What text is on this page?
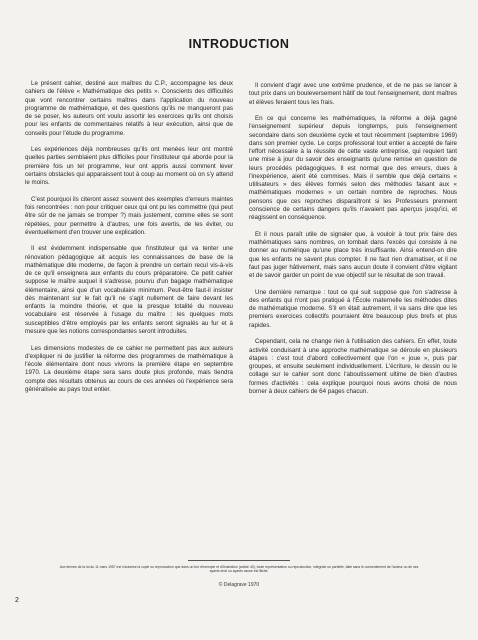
INTRODUCTION

Le présent cahier, destiné aux maîtres du C.P., accompagne les deux cahiers de l'élève « Mathématique des petits ». Conscients des difficultés que vont rencontrer certains maîtres dans l'application du nouveau programme de mathématique, et des questions qu'ils ne manqueront pas de se poser, les auteurs ont voulu assortir les exercices qu'ils ont choisis pour les enfants de commentaires relatifs à leur exécution, ainsi que de conseils pour l'étude du programme.

Les expériences déjà nombreuses qu'ils ont menées leur ont montré quelles parties semblaient plus difficiles pour l'instituteur qui aborde pour la première fois un tel programme, leur ont appris aussi comment lever certains obstacles qui apparaissent tout à coup au moment où on s'y attend le moins.

C'est pourquoi ils citeront assez souvent des exemples d'erreurs maintes fois rencontrées : non pour critiquer ceux qui ont pu les commettre (qui peut être sûr de ne jamais se tromper ?) mais justement, comme elles se sont répétées, pour permettre à d'autres, une fois avertis, de les éviter, ou éventuellement d'en trouver une explication.

Il est évidemment indispensable que l'instituteur qui va tenter une rénovation pédagogique ait acquis les connaissances de base de la mathématique dite moderne, de façon à prendre un certain recul vis-à-vis de ce qu'il enseignera aux enfants du cours préparatoire. Ce petit cahier suppose le maître auquel il s'adresse, pourvu d'un bagage mathématique élémentaire, ainsi que d'un vocabulaire minimum. Peut-être faut-il insister dès maintenant sur le fait qu'il ne s'agit nullement de faire devant les enfants la moindre théorie, et que la presque totalité du nouveau vocabulaire est réservée à l'usage du maître : les quelques mots susceptibles d'être employés par les enfants seront signalés au fur et à mesure que les notions correspondantes seront introduites.

Les dimensions modestes de ce cahier ne permettent pas aux auteurs d'expliquer ni de justifier la réforme des programmes de mathématique à l'école élémentaire dont nous vivrons la première étape en septembre 1970. La deuxième étape sera sans doute plus profonde, mais tiendra compte des résultats obtenus au cours de ces années où l'expérience sera généralisée au pays tout entier.

Il convient d'agir avec une extrême prudence, et de ne pas se lancer à tout prix dans un bouleversement hâtif de tout l'enseignement, dont maîtres et élèves feraient tous les frais.

En ce qui concerne les mathématiques, la réforme a déjà gagné l'enseignement supérieur depuis longtemps, puis l'enseignement secondaire dans son deuxième cycle et tout récemment (septembre 1969) dans son premier cycle. Le corps professoral tout entier a accepté de faire l'effort nécessaire à la réussite de cette vaste entreprise, qui requiert tant une mise à jour du savoir des enseignants qu'une remise en question de leurs procédés pédagogiques. Il est normal que des erreurs, dues à l'inexpérience, aient été commises. Mais il semble que déjà certains « utilisateurs » des élèves formés selon des méthodes faisant aux « mathématiques modernes » un certain nombre de reproches. Nous pensons que ces reproches disparaîtront si les Professeurs prennent conscience de certains dangers qu'ils n'avaient pas aperçus jusqu'ici, et réagissent en conséquence.

Et il nous paraît utile de signaler que, à vouloir à tout prix faire des mathématiques sans nombres, on tombait dans l'excès qui consiste à ne donner au numérique qu'une place très insuffisante. Ainsi entend-on dire que les enfants ne savent plus compter. Il ne faut rien dramatiser, et il ne faut pas juger hâtivement, mais sans aucun doute il convient d'être vigilant et de savoir garder un point de vue objectif sur le résultat de son travail.

Une dernière remarque : tout ce qui suit suppose que l'on s'adresse à des enfants qui n'ont pas pratiqué à l'École maternelle les méthodes dites de mathématique moderne. S'il en était autrement, il va sans dire que les premiers exercices collectifs pourraient être beaucoup plus brefs et plus rapides.

Cependant, cela ne change rien à l'utilisation des cahiers. En effet, toute activité conduisant à une approche mathématique se déroule en plusieurs étapes : c'est tout d'abord collectivement que l'on « joue », puis par groupes, et ensuite seulement individuellement. L'écriture, le dessin ou le collage sur le cahier sont donc l'aboutissement ultime de bien d'autres formes d'activités : cela explique pourquoi nous avons choisi de nous borner à deux cahiers de 64 pages chacun.

Aux termes de la loi du 11 mars 1957 est n'autorise la copie ou reproduction que dans un but d'exemple et d'illustration (article 40), toute représentation ou reproduction, intégrale ou partielle, faite sans le consentement de l'auteur ou de ses ayants droit ou ayants cause est illicite.
© Delagrave 1970
2
